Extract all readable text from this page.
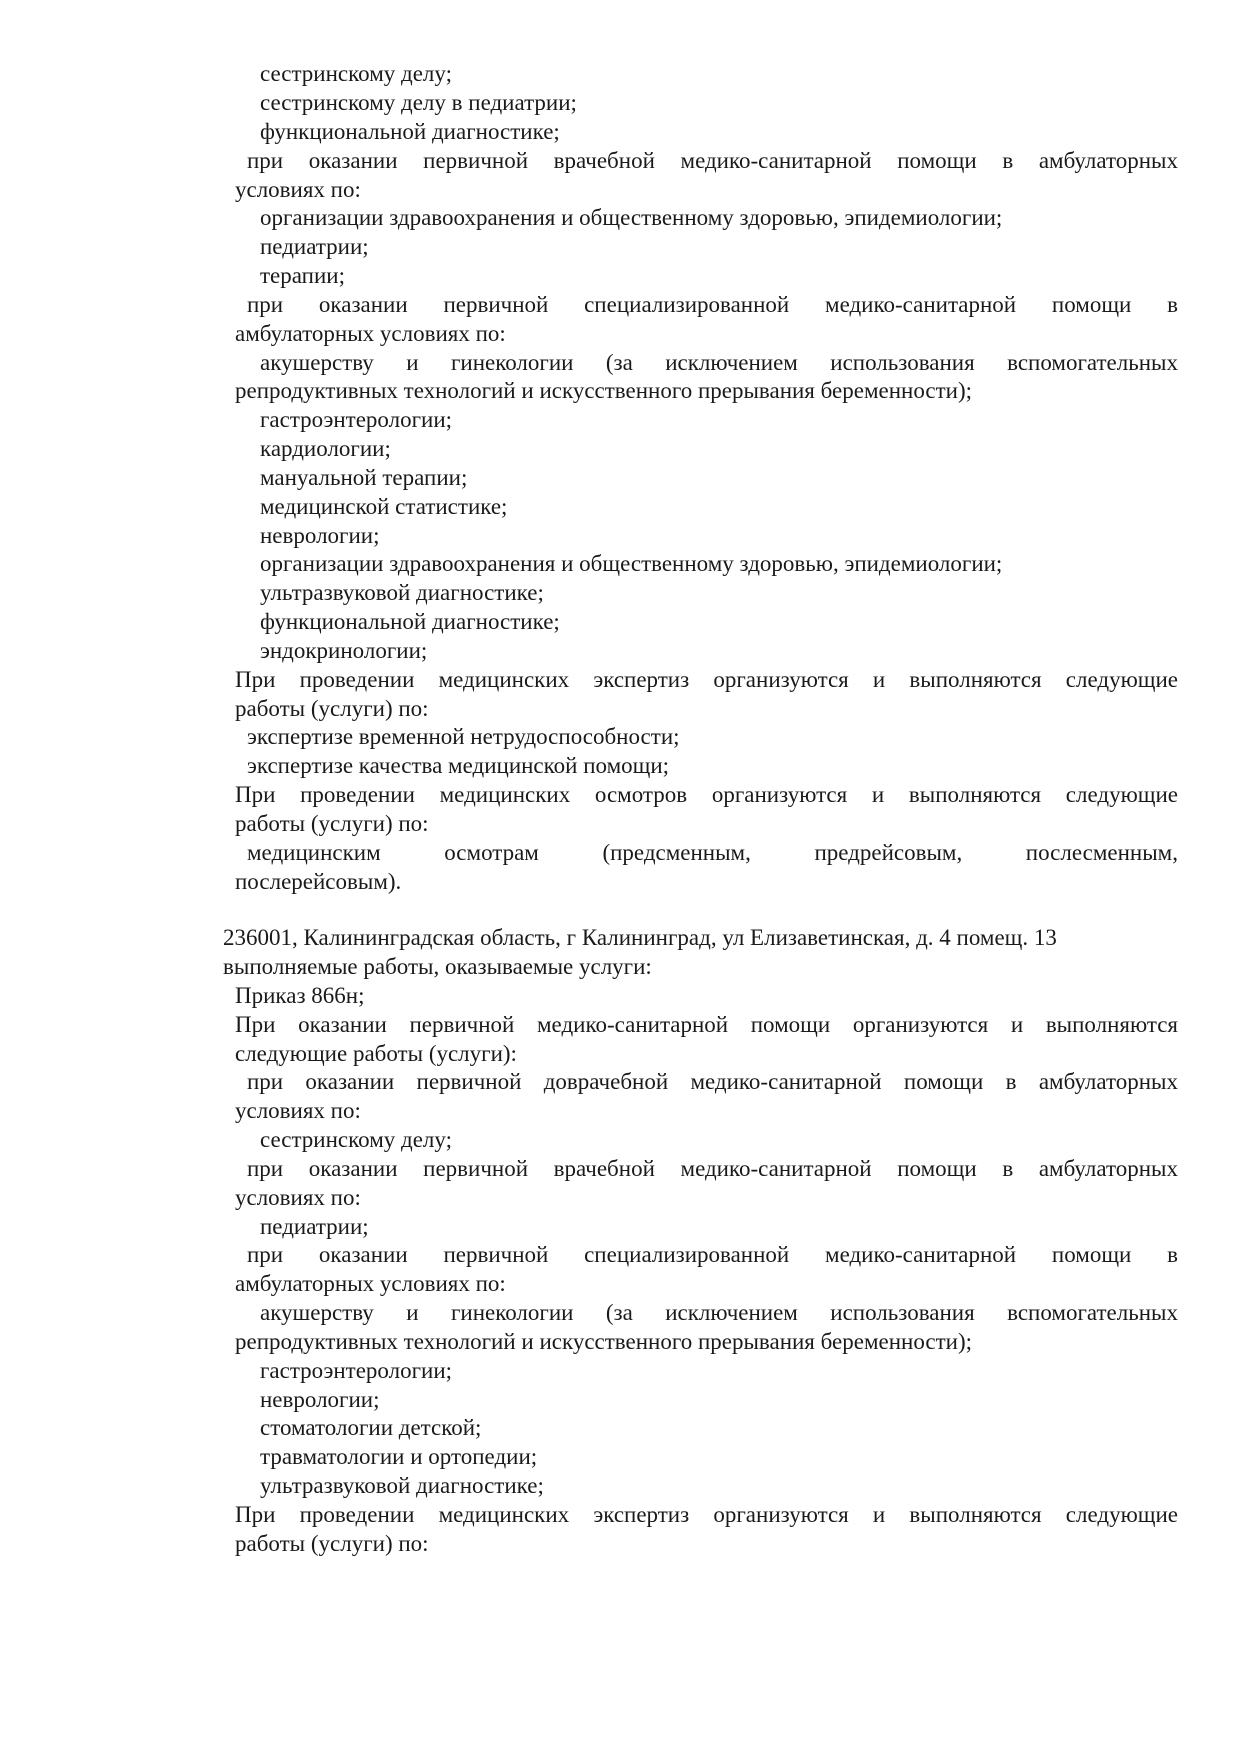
сестринскому делу;
сестринскому делу в педиатрии;
функциональной диагностике;
при оказании первичной врачебной медико-санитарной помощи в амбулаторных
условиях по:
организации здравоохранения и общественному здоровью, эпидемиологии;
педиатрии;
терапии;
при оказании первичной специализированной медико-санитарной помощи в
амбулаторных условиях по:
акушерству и гинекологии (за исключением использования вспомогательных
репродуктивных технологий и искусственного прерывания беременности);
гастроэнтерологии;
кардиологии;
мануальной терапии;
медицинской статистике;
неврологии;
организации здравоохранения и общественному здоровью, эпидемиологии;
ультразвуковой диагностике;
функциональной диагностике;
эндокринологии;
При проведении медицинских экспертиз организуются и выполняются следующие
работы (услуги) по:
экспертизе временной нетрудоспособности;
экспертизе качества медицинской помощи;
При проведении медицинских осмотров организуются и выполняются следующие
работы (услуги) по:
медицинским осмотрам (предсменным, предрейсовым, послесменным,
послерейсовым).
236001, Калининградская область, г Калининград, ул Елизаветинская, д. 4 помещ. 13
выполняемые работы, оказываемые услуги:
Приказ 866н;
При оказании первичной медико-санитарной помощи организуются и выполняются
следующие работы (услуги):
при оказании первичной доврачебной медико-санитарной помощи в амбулаторных
условиях по:
сестринскому делу;
при оказании первичной врачебной медико-санитарной помощи в амбулаторных
условиях по:
педиатрии;
при оказании первичной специализированной медико-санитарной помощи в
амбулаторных условиях по:
акушерству и гинекологии (за исключением использования вспомогательных
репродуктивных технологий и искусственного прерывания беременности);
гастроэнтерологии;
неврологии;
стоматологии детской;
травматологии и ортопедии;
ультразвуковой диагностике;
При проведении медицинских экспертиз организуются и выполняются следующие
работы (услуги) по:
